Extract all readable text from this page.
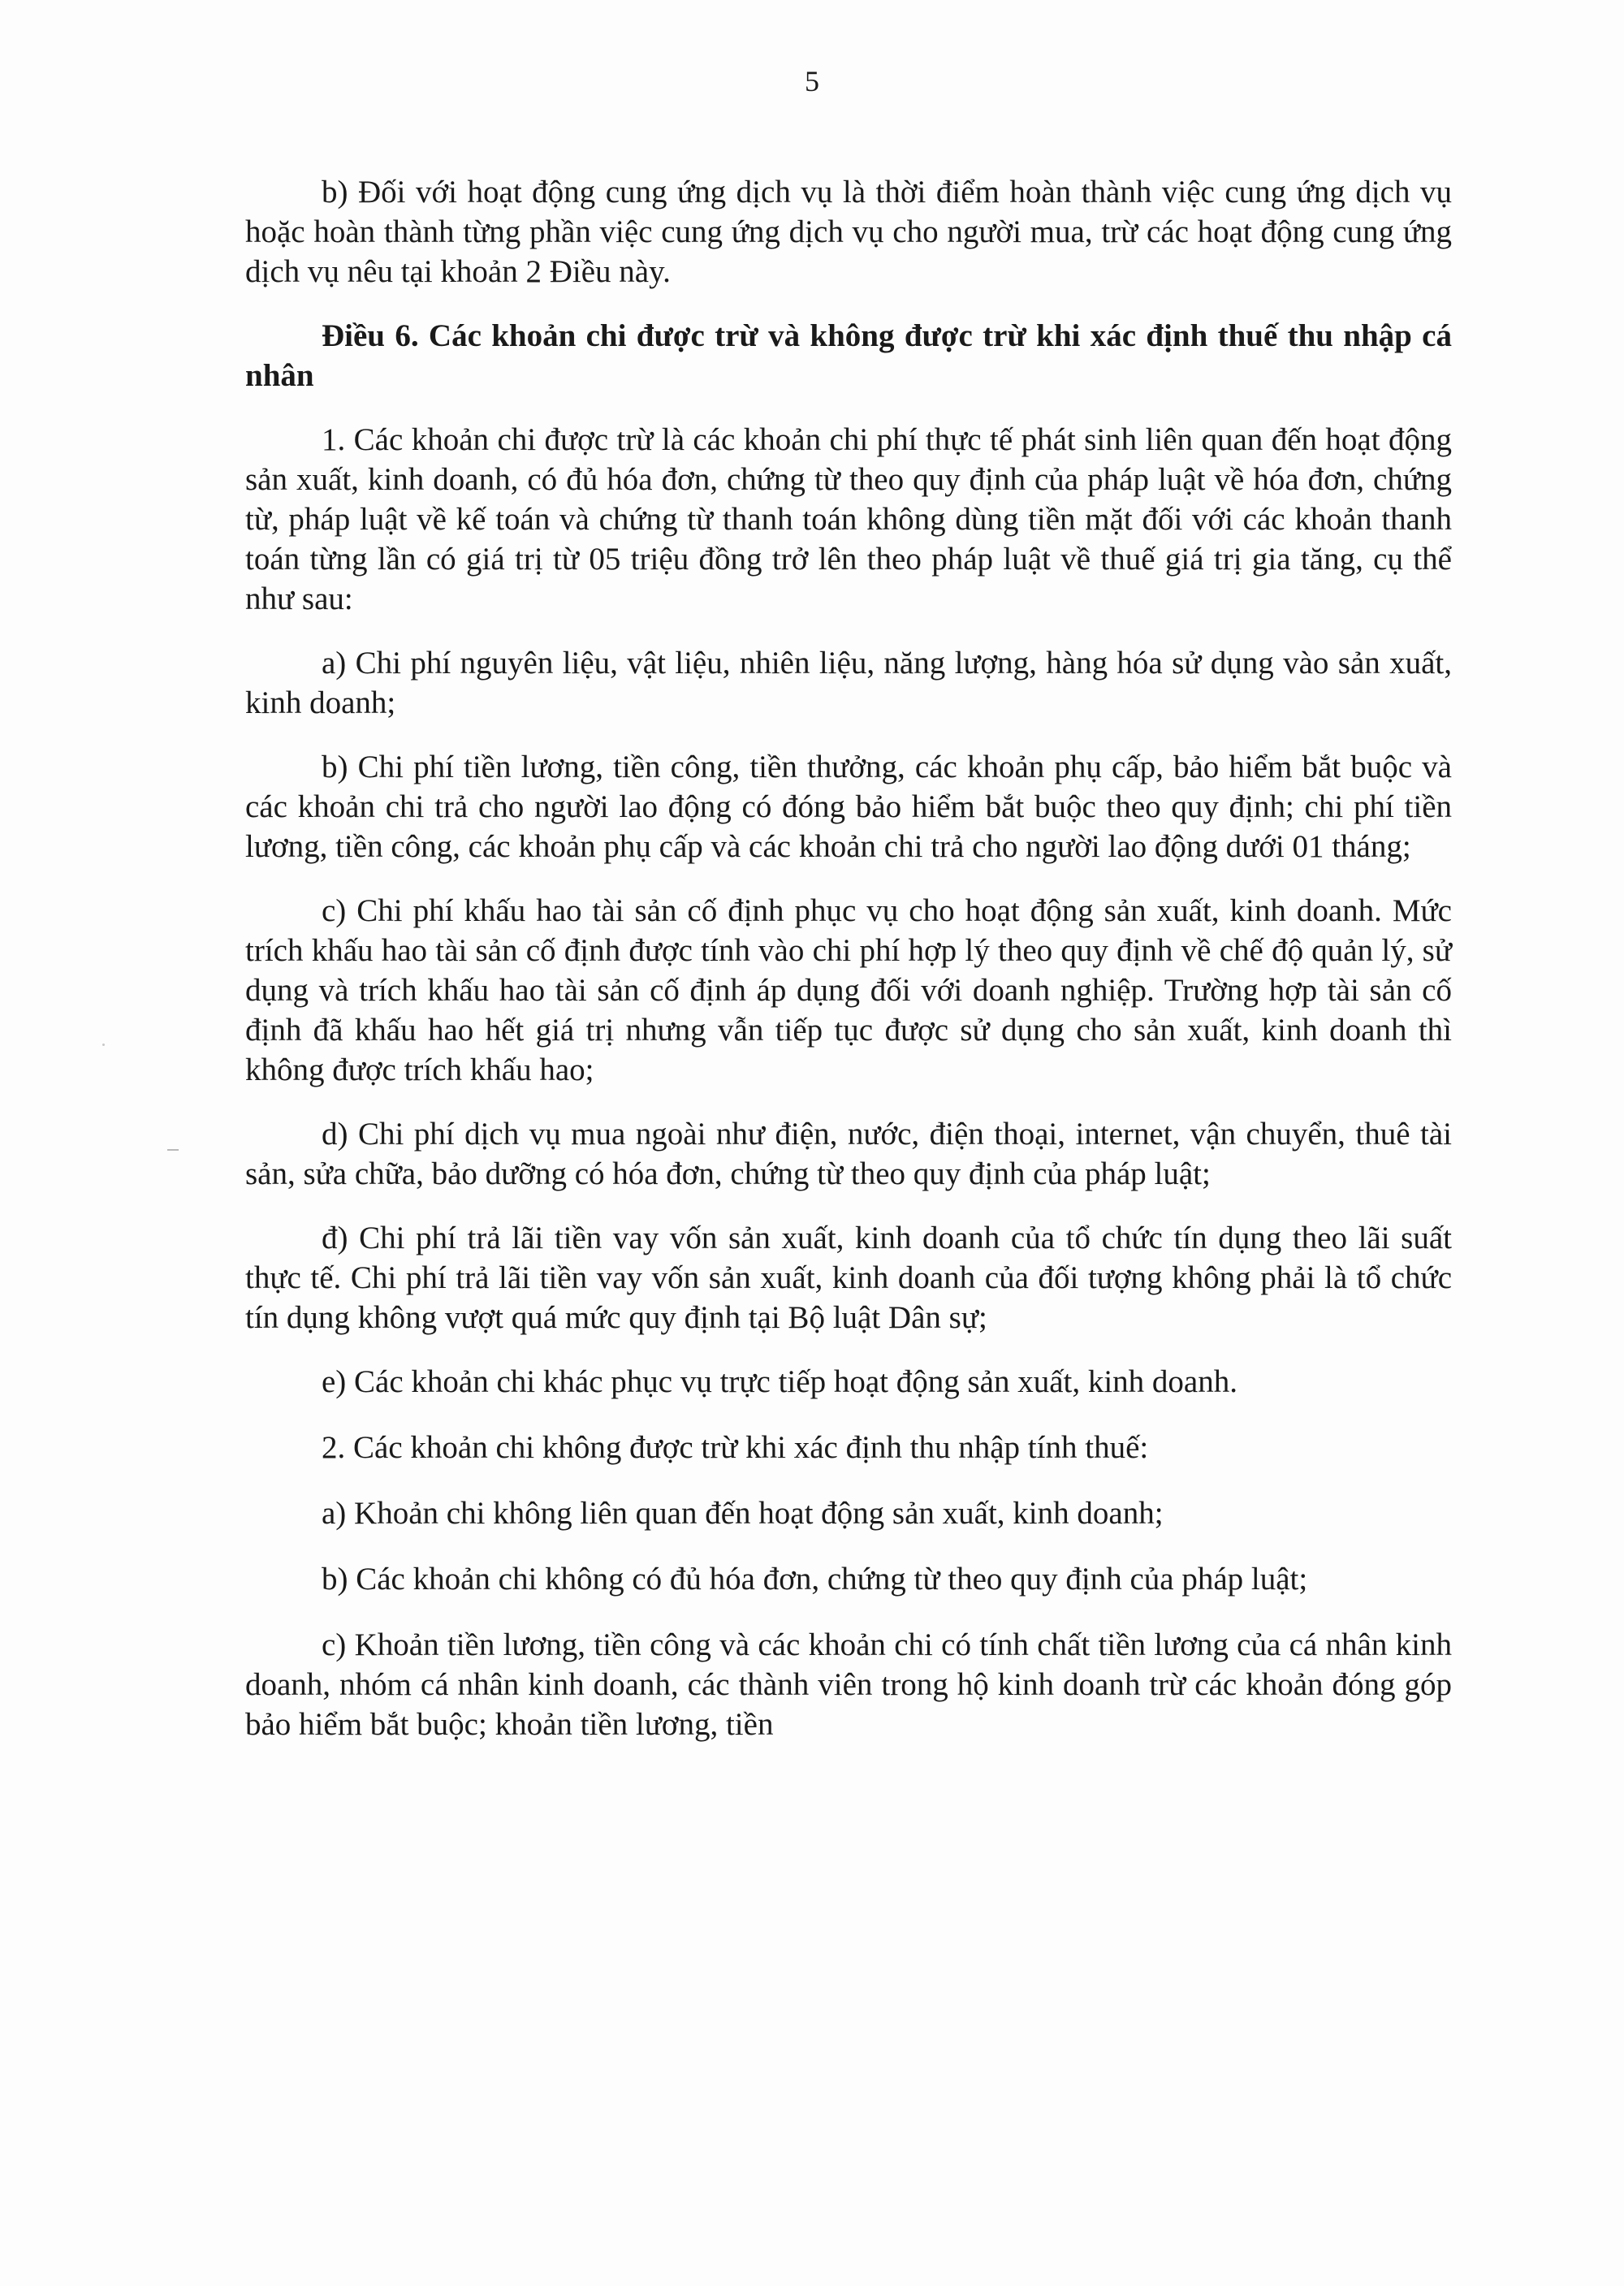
5

b) Đối với hoạt động cung ứng dịch vụ là thời điểm hoàn thành việc cung ứng dịch vụ hoặc hoàn thành từng phần việc cung ứng dịch vụ cho người mua, trừ các hoạt động cung ứng dịch vụ nêu tại khoản 2 Điều này.

Điều 6. Các khoản chi được trừ và không được trừ khi xác định thuế thu nhập cá nhân

1. Các khoản chi được trừ là các khoản chi phí thực tế phát sinh liên quan đến hoạt động sản xuất, kinh doanh, có đủ hóa đơn, chứng từ theo quy định của pháp luật về hóa đơn, chứng từ, pháp luật về kế toán và chứng từ thanh toán không dùng tiền mặt đối với các khoản thanh toán từng lần có giá trị từ 05 triệu đồng trở lên theo pháp luật về thuế giá trị gia tăng, cụ thể như sau:

a) Chi phí nguyên liệu, vật liệu, nhiên liệu, năng lượng, hàng hóa sử dụng vào sản xuất, kinh doanh;

b) Chi phí tiền lương, tiền công, tiền thưởng, các khoản phụ cấp, bảo hiểm bắt buộc và các khoản chi trả cho người lao động có đóng bảo hiểm bắt buộc theo quy định; chi phí tiền lương, tiền công, các khoản phụ cấp và các khoản chi trả cho người lao động dưới 01 tháng;

c) Chi phí khấu hao tài sản cố định phục vụ cho hoạt động sản xuất, kinh doanh. Mức trích khấu hao tài sản cố định được tính vào chi phí hợp lý theo quy định về chế độ quản lý, sử dụng và trích khấu hao tài sản cố định áp dụng đối với doanh nghiệp. Trường hợp tài sản cố định đã khấu hao hết giá trị nhưng vẫn tiếp tục được sử dụng cho sản xuất, kinh doanh thì không được trích khấu hao;

d) Chi phí dịch vụ mua ngoài như điện, nước, điện thoại, internet, vận chuyển, thuê tài sản, sửa chữa, bảo dưỡng có hóa đơn, chứng từ theo quy định của pháp luật;

đ) Chi phí trả lãi tiền vay vốn sản xuất, kinh doanh của tổ chức tín dụng theo lãi suất thực tế. Chi phí trả lãi tiền vay vốn sản xuất, kinh doanh của đối tượng không phải là tổ chức tín dụng không vượt quá mức quy định tại Bộ luật Dân sự;

e) Các khoản chi khác phục vụ trực tiếp hoạt động sản xuất, kinh doanh.

2. Các khoản chi không được trừ khi xác định thu nhập tính thuế:

a) Khoản chi không liên quan đến hoạt động sản xuất, kinh doanh;

b) Các khoản chi không có đủ hóa đơn, chứng từ theo quy định của pháp luật;

c) Khoản tiền lương, tiền công và các khoản chi có tính chất tiền lương của cá nhân kinh doanh, nhóm cá nhân kinh doanh, các thành viên trong hộ kinh doanh trừ các khoản đóng góp bảo hiểm bắt buộc; khoản tiền lương, tiền
